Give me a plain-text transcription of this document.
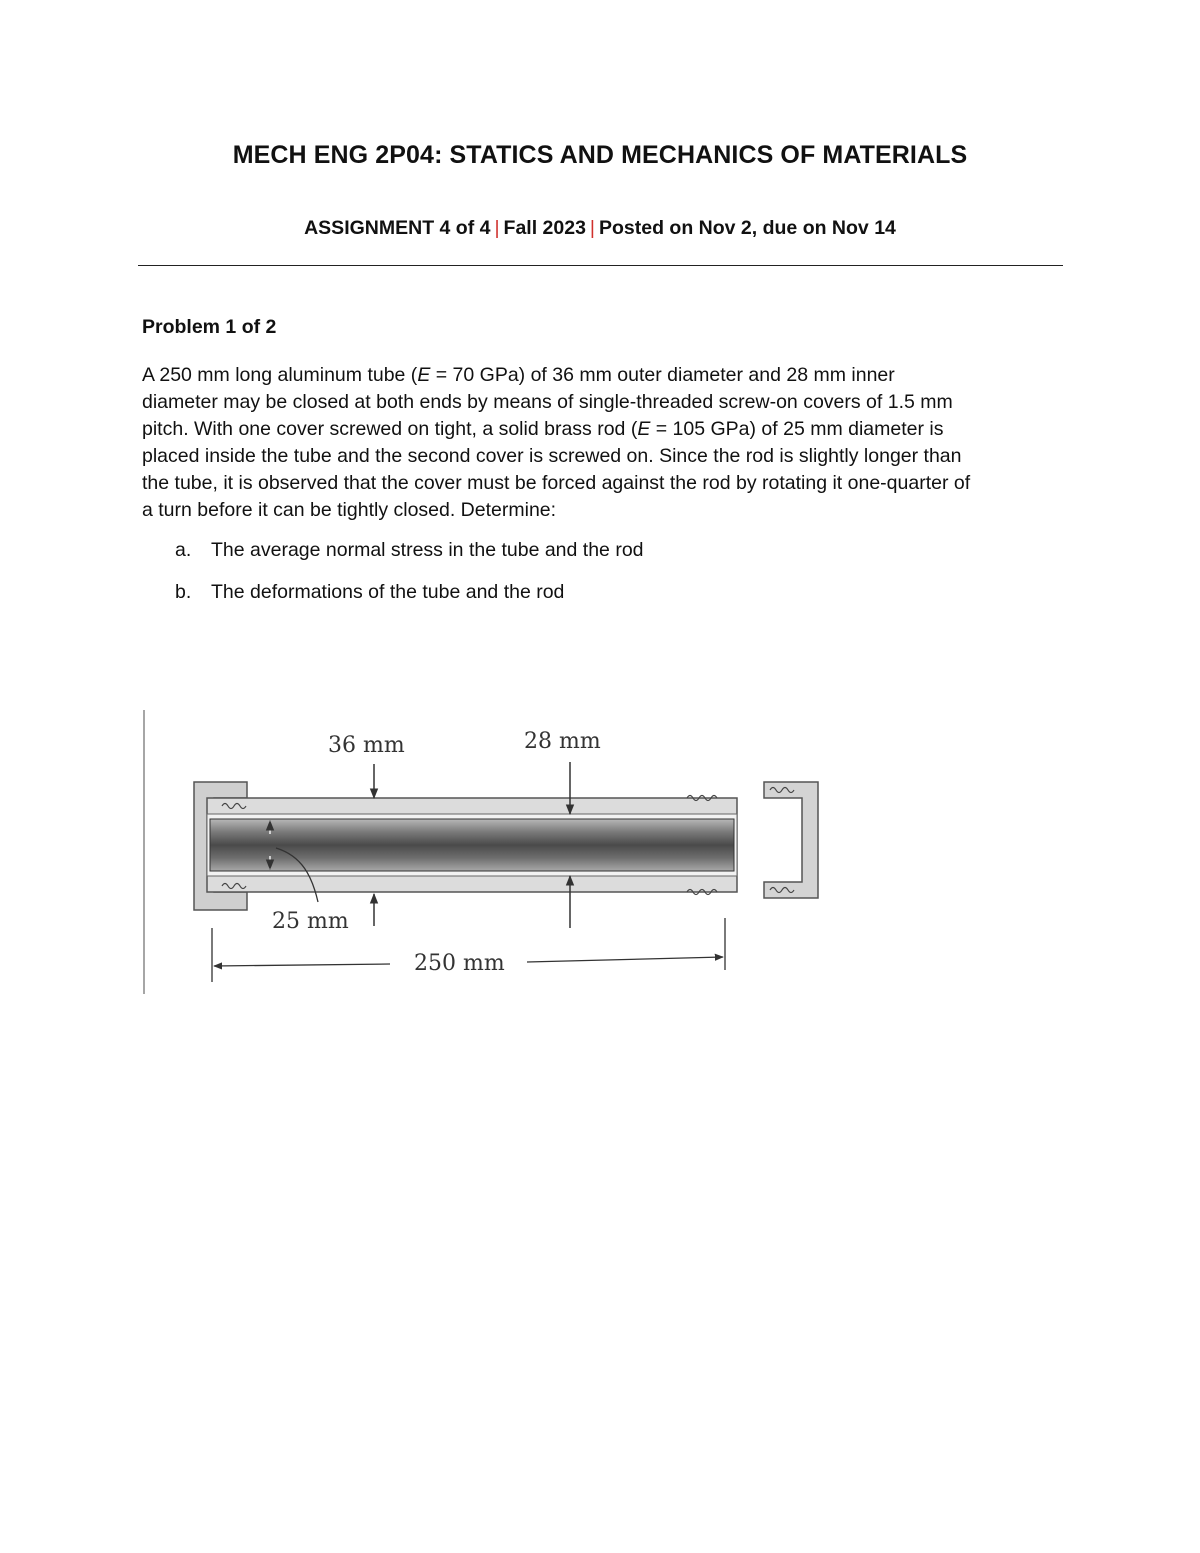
MECH ENG 2P04: STATICS AND MECHANICS OF MATERIALS
ASSIGNMENT 4 of 4 | Fall 2023 | Posted on Nov 2, due on Nov 14
Problem 1 of 2

A 250 mm long aluminum tube (E = 70 GPa) of 36 mm outer diameter and 28 mm inner
diameter may be closed at both ends by means of single-threaded screw-on covers of 1.5 mm
pitch. With one cover screwed on tight, a solid brass rod (E = 105 GPa) of 25 mm diameter is
placed inside the tube and the second cover is screwed on. Since the rod is slightly longer than
the tube, it is observed that the cover must be forced against the rod by rotating it one-quarter of
a turn before it can be tightly closed. Determine:

a.	The average normal stress in the tube and the rod
b.	The deformations of the tube and the rod
36 mm	28 mm
25 mm
250 mm
